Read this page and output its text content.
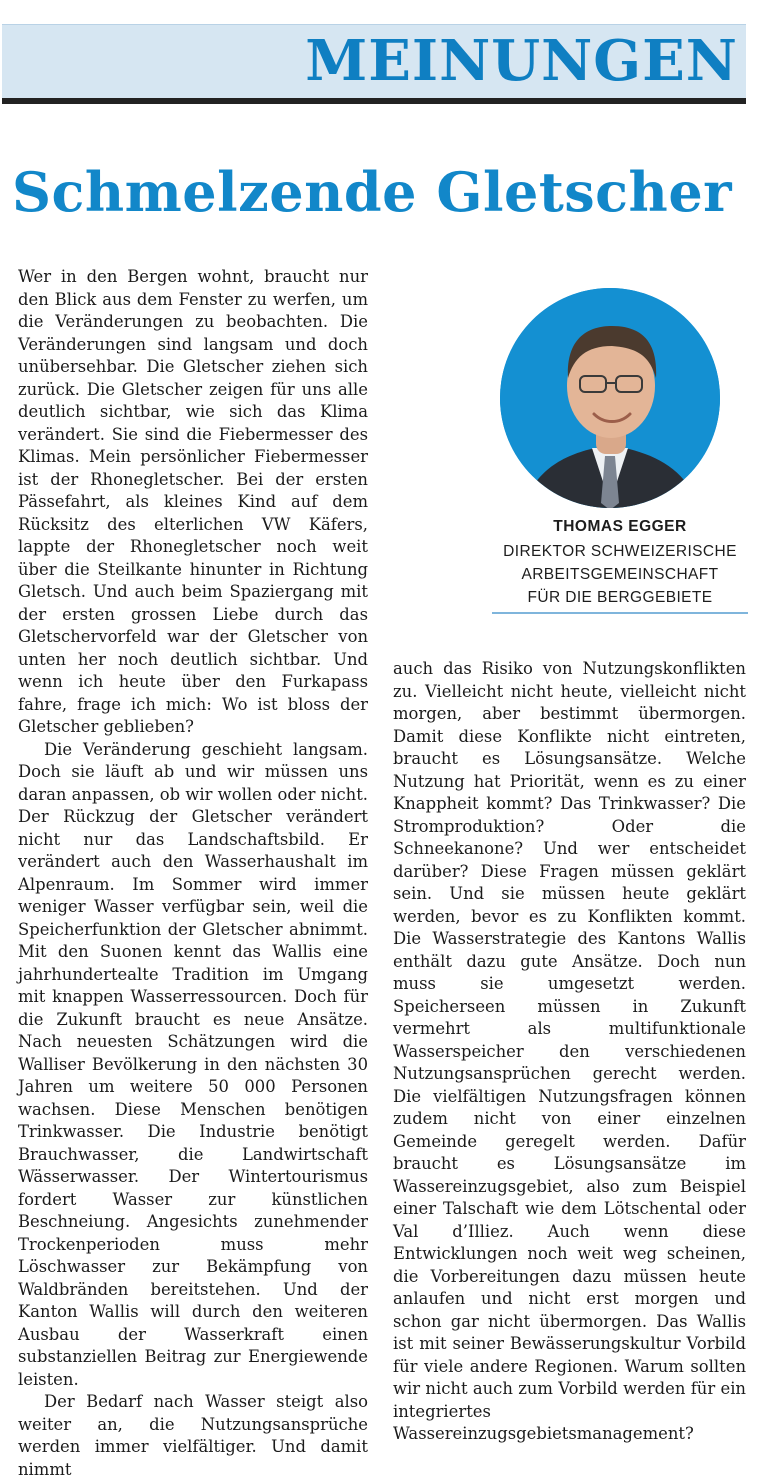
MEINUNGEN
Schmelzende Gletscher
THOMAS EGGER
DIREKTOR SCHWEIZERISCHE
ARBEITSGEMEINSCHAFT
FÜR DIE BERGGEBIETE

Wer in den Bergen wohnt, braucht nur den Blick aus dem Fenster zu werfen, um die Veränderungen zu beobachten. Die Veränderungen sind langsam und doch unübersehbar. Die Gletscher ziehen sich zurück. Die Gletscher zeigen für uns alle deutlich sichtbar, wie sich das Klima verändert. Sie sind die Fiebermesser des Klimas. Mein persönlicher Fiebermesser ist der Rhonegletscher. Bei der ersten Pässefahrt, als kleines Kind auf dem Rücksitz des elterlichen VW Käfers, lappte der Rhonegletscher noch weit über die Steilkante hinunter in Richtung Gletsch. Und auch beim Spaziergang mit der ersten grossen Liebe durch das Gletschervorfeld war der Gletscher von unten her noch deutlich sichtbar. Und wenn ich heute über den Furkapass fahre, frage ich mich: Wo ist bloss der Gletscher geblieben?

Die Veränderung geschieht langsam. Doch sie läuft ab und wir müssen uns daran anpassen, ob wir wollen oder nicht. Der Rückzug der Gletscher verändert nicht nur das Landschaftsbild. Er verändert auch den Wasserhaushalt im Alpenraum. Im Sommer wird immer weniger Wasser verfügbar sein, weil die Speicherfunktion der Gletscher abnimmt. Mit den Suonen kennt das Wallis eine jahrhundertealte Tradition im Umgang mit knappen Wasserressourcen. Doch für die Zukunft braucht es neue Ansätze. Nach neuesten Schätzungen wird die Walliser Bevölkerung in den nächsten 30 Jahren um weitere 50 000 Personen wachsen. Diese Menschen benötigen Trinkwasser. Die Industrie benötigt Brauchwasser, die Landwirtschaft Wässerwasser. Der Wintertourismus fordert Wasser zur künstlichen Beschneiung. Angesichts zunehmender Trockenperioden muss mehr Löschwasser zur Bekämpfung von Waldbränden bereitstehen. Und der Kanton Wallis will durch den weiteren Ausbau der Wasserkraft einen substanziellen Beitrag zur Energiewende leisten.

Der Bedarf nach Wasser steigt also weiter an, die Nutzungsansprüche werden immer vielfältiger. Und damit nimmt

auch das Risiko von Nutzungskonflikten zu. Vielleicht nicht heute, vielleicht nicht morgen, aber bestimmt übermorgen. Damit diese Konflikte nicht eintreten, braucht es Lösungsansätze. Welche Nutzung hat Priorität, wenn es zu einer Knappheit kommt? Das Trinkwasser? Die Stromproduktion? Oder die Schneekanone? Und wer entscheidet darüber? Diese Fragen müssen geklärt sein. Und sie müssen heute geklärt werden, bevor es zu Konflikten kommt. Die Wasserstrategie des Kantons Wallis enthält dazu gute Ansätze. Doch nun muss sie umgesetzt werden. Speicherseen müssen in Zukunft vermehrt als multifunktionale Wasserspeicher den verschiedenen Nutzungsansprüchen gerecht werden. Die vielfältigen Nutzungsfragen können zudem nicht von einer einzelnen Gemeinde geregelt werden. Dafür braucht es Lösungsansätze im Wassereinzugsgebiet, also zum Beispiel einer Talschaft wie dem Lötschental oder Val d’Illiez. Auch wenn diese Entwicklungen noch weit weg scheinen, die Vorbereitungen dazu müssen heute anlaufen und nicht erst morgen und schon gar nicht übermorgen. Das Wallis ist mit seiner Bewässerungskultur Vorbild für viele andere Regionen. Warum sollten wir nicht auch zum Vorbild werden für ein integriertes Wassereinzugsgebietsmanagement?
